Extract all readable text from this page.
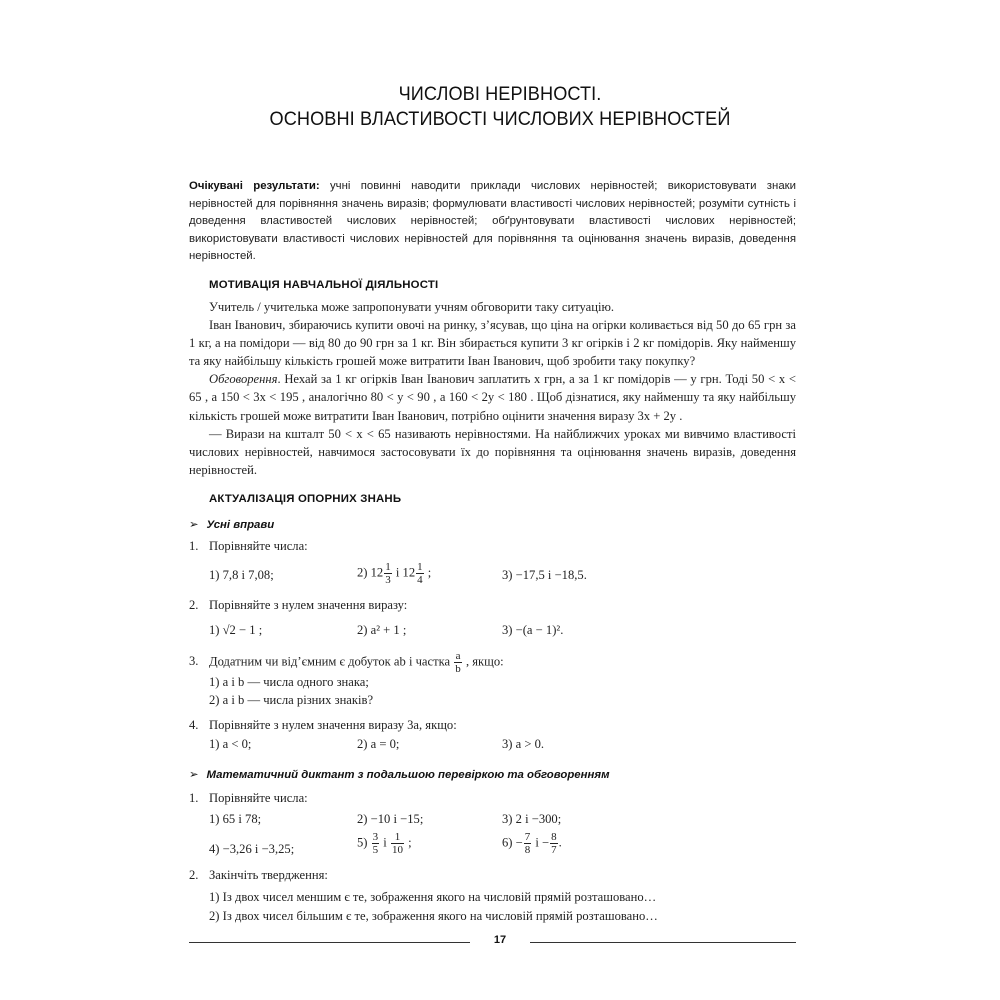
ЧИСЛОВІ НЕРІВНОСТІ.
ОСНОВНІ ВЛАСТИВОСТІ ЧИСЛОВИХ НЕРІВНОСТЕЙ
Очікувані результати: учні повинні наводити приклади числових нерівностей; використовувати знаки нерівностей для порівняння значень виразів; формулювати властивості числових нерівностей; розуміти сутність і доведення властивостей числових нерівностей; обґрунтовувати властивості числових нерівностей; використовувати властивості числових нерівностей для порівняння та оцінювання значень виразів, доведення нерівностей.
МОТИВАЦІЯ НАВЧАЛЬНОЇ ДІЯЛЬНОСТІ

Учитель / учителька може запропонувати учням обговорити таку ситуацію.

Іван Іванович, збираючись купити овочі на ринку, з’ясував, що ціна на огірки коливається від 50 до 65 грн за 1 кг, а на помідори — від 80 до 90 грн за 1 кг. Він збирається купити 3 кг огірків і 2 кг помідорів. Яку найменшу та яку найбільшу кількість грошей може витратити Іван Іванович, щоб зробити таку покупку?

Обговорення. Нехай за 1 кг огірків Іван Іванович заплатить x грн, а за 1 кг помідорів — y грн. Тоді 50 < x < 65 , а 150 < 3x < 195 , аналогічно 80 < y < 90 , а 160 < 2y < 180 . Щоб дізнатися, яку найменшу та яку найбільшу кількість грошей може витратити Іван Іванович, потрібно оцінити значення виразу 3x + 2y .

— Вирази на кшталт 50 < x < 65 називають нерівностями. На найближчих уроках ми вивчимо властивості числових нерівностей, навчимося застосовувати їх до порівняння та оцінювання значень виразів, доведення нерівностей.

АКТУАЛІЗАЦІЯ ОПОРНИХ ЗНАНЬ
➢ Усні вправи
1. Порівняйте числа:
1) 7,8 і 7,08;	2) $12 \frac{1}{3}$ і $12 \frac{1}{4}$ ;	3) −17,5 і −18,5.
2. Порівняйте з нулем значення виразу:
1) √2 − 1 ;	2) a² + 1 ;	3) −(a − 1)².
3. Додатним чи від’ємним є добуток ab і частка $\frac{a}{b}$ , якщо:
1) a і b — числа одного знака;
2) a і b — числа різних знаків?
4. Порівняйте з нулем значення виразу 3a, якщо:
1) a < 0;	2) a = 0;	3) a > 0.
➢ Математичний диктант з подальшою перевіркою та обговоренням
1. Порівняйте числа:
1) 65 і 78;	2) −10 і −15;	3) 2 і −300;
4) −3,26 і −3,25;	$5) \frac{3}{5}$ і $\frac{1}{10}$ ;	$6) - \frac{7}{8}$ $і - \frac{8}{7}$ .
2. Закінчіть твердження:
1) Із двох чисел меншим є те, зображення якого на числовій прямій розташовано…
2) Із двох чисел більшим є те, зображення якого на числовій прямій розташовано…
17
